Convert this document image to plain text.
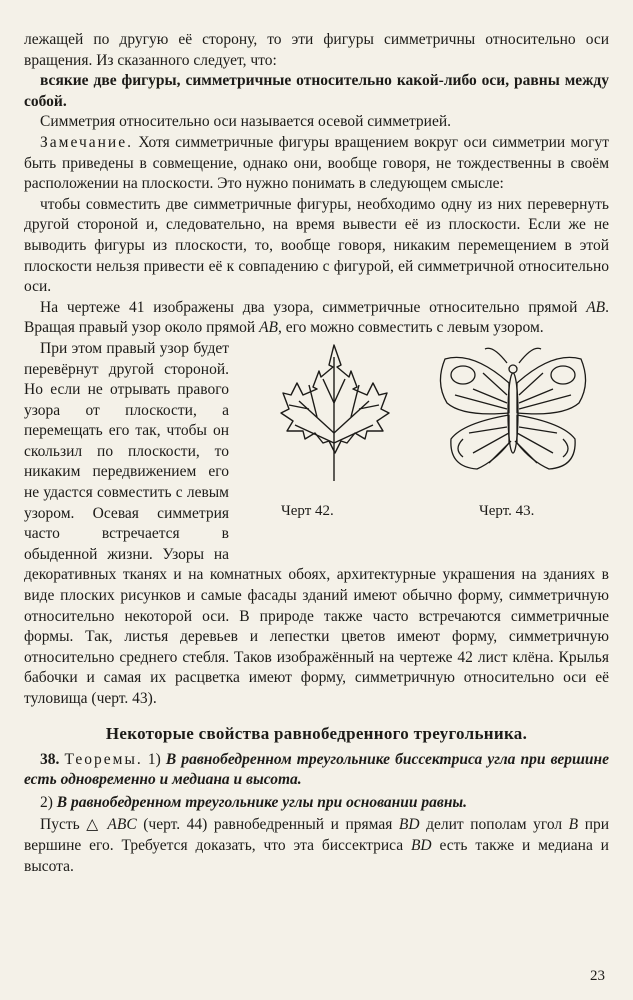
лежащей по другую её сторону, то эти фигуры симметричны относительно оси вращения. Из сказанного следует, что:

всякие две фигуры, симметричные относительно какой-либо оси, равны между собой.

Симметрия относительно оси называется осевой симметрией.

Замечание. Хотя симметричные фигуры вращением вокруг оси симметрии могут быть приведены в совмещение, однако они, вообще говоря, не тождественны в своём расположении на плоскости. Это нужно понимать в следующем смысле:

чтобы совместить две симметричные фигуры, необходимо одну из них перевернуть другой стороной и, следовательно, на время вывести её из плоскости. Если же не выводить фигуры из плоскости, то, вообще говоря, никаким перемещением в этой плоскости нельзя привести её к совпадению с фигурой, ей симметричной относительно оси.

На чертеже 41 изображены два узора, симметричные относительно прямой AB. Вращая правый узор около прямой AB, его можно совместить с левым узором.

Черт 42.	Черт. 43.

При этом правый узор будет перевёрнут другой стороной. Но если не отрывать правого узора от плоскости, а перемещать его так, чтобы он скользил по плоскости, то никаким передвижением его не удастся совместить с левым узором. Осевая симметрия часто встречается в обыденной жизни. Узоры на декоративных тканях и на комнатных обоях, архитектурные украшения на зданиях в виде плоских рисунков и самые фасады зданий имеют обычно форму, симметричную относительно некоторой оси. В природе также часто встречаются симметричные формы. Так, листья деревьев и лепестки цветов имеют форму, симметричную относительно среднего стебля. Таков изображённый на чертеже 42 лист клёна. Крылья бабочки и самая их расцветка имеют форму, симметричную относительно оси её туловища (черт. 43).

Некоторые свойства равнобедренного треугольника.

38. Теоремы. 1) В равнобедренном треугольнике биссектриса угла при вершине есть одновременно и медиана и высота.

2) В равнобедренном треугольнике углы при основании равны.

Пусть △ ABC (черт. 44) равнобедренный и прямая BD делит пополам угол B при вершине его. Требуется доказать, что эта биссектриса BD есть также и медиана и высота.

23
